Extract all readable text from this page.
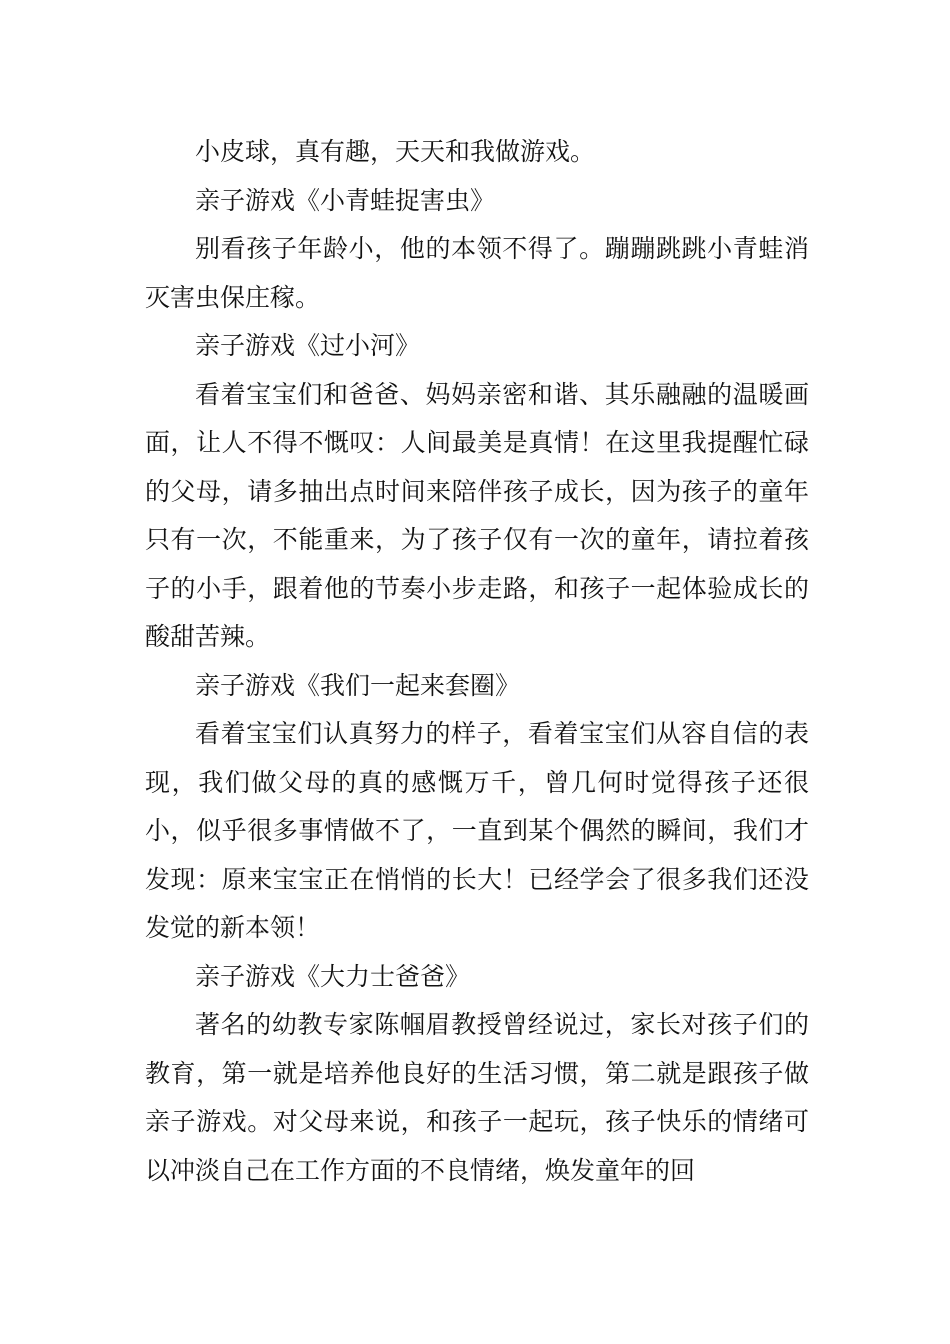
小皮球，真有趣，天天和我做游戏。

亲子游戏《小青蛙捉害虫》

别看孩子年龄小，他的本领不得了。蹦蹦跳跳小青蛙消灭害虫保庄稼。

亲子游戏《过小河》

看着宝宝们和爸爸、妈妈亲密和谐、其乐融融的温暖画面，让人不得不慨叹：人间最美是真情！在这里我提醒忙碌的父母，请多抽出点时间来陪伴孩子成长，因为孩子的童年只有一次，不能重来，为了孩子仅有一次的童年，请拉着孩子的小手，跟着他的节奏小步走路，和孩子一起体验成长的酸甜苦辣。

亲子游戏《我们一起来套圈》

看着宝宝们认真努力的样子，看着宝宝们从容自信的表现，我们做父母的真的感慨万千，曾几何时觉得孩子还很小，似乎很多事情做不了，一直到某个偶然的瞬间，我们才发现：原来宝宝正在悄悄的长大！已经学会了很多我们还没发觉的新本领！

亲子游戏《大力士爸爸》

著名的幼教专家陈帼眉教授曾经说过，家长对孩子们的教育，第一就是培养他良好的生活习惯，第二就是跟孩子做亲子游戏。对父母来说，和孩子一起玩，孩子快乐的情绪可以冲淡自己在工作方面的不良情绪，焕发童年的回
